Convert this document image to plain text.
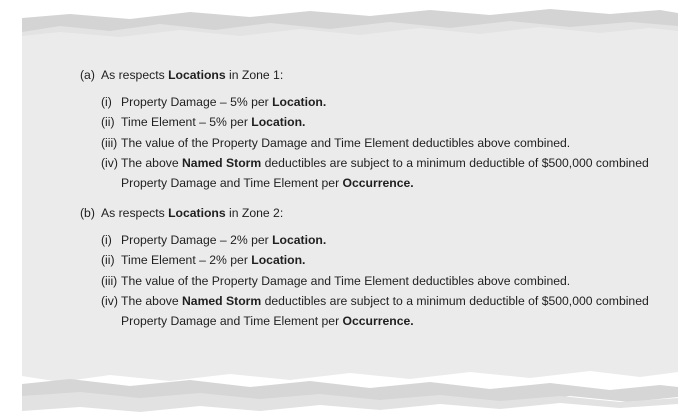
(a) As respects Locations in Zone 1:
(i) Property Damage – 5% per Location.
(ii) Time Element – 5% per Location.
(iii) The value of the Property Damage and Time Element deductibles above combined.
(iv) The above Named Storm deductibles are subject to a minimum deductible of $500,000 combined Property Damage and Time Element per Occurrence.
(b) As respects Locations in Zone 2:
(i) Property Damage – 2% per Location.
(ii) Time Element – 2% per Location.
(iii) The value of the Property Damage and Time Element deductibles above combined.
(iv) The above Named Storm deductibles are subject to a minimum deductible of $500,000 combined Property Damage and Time Element per Occurrence.
